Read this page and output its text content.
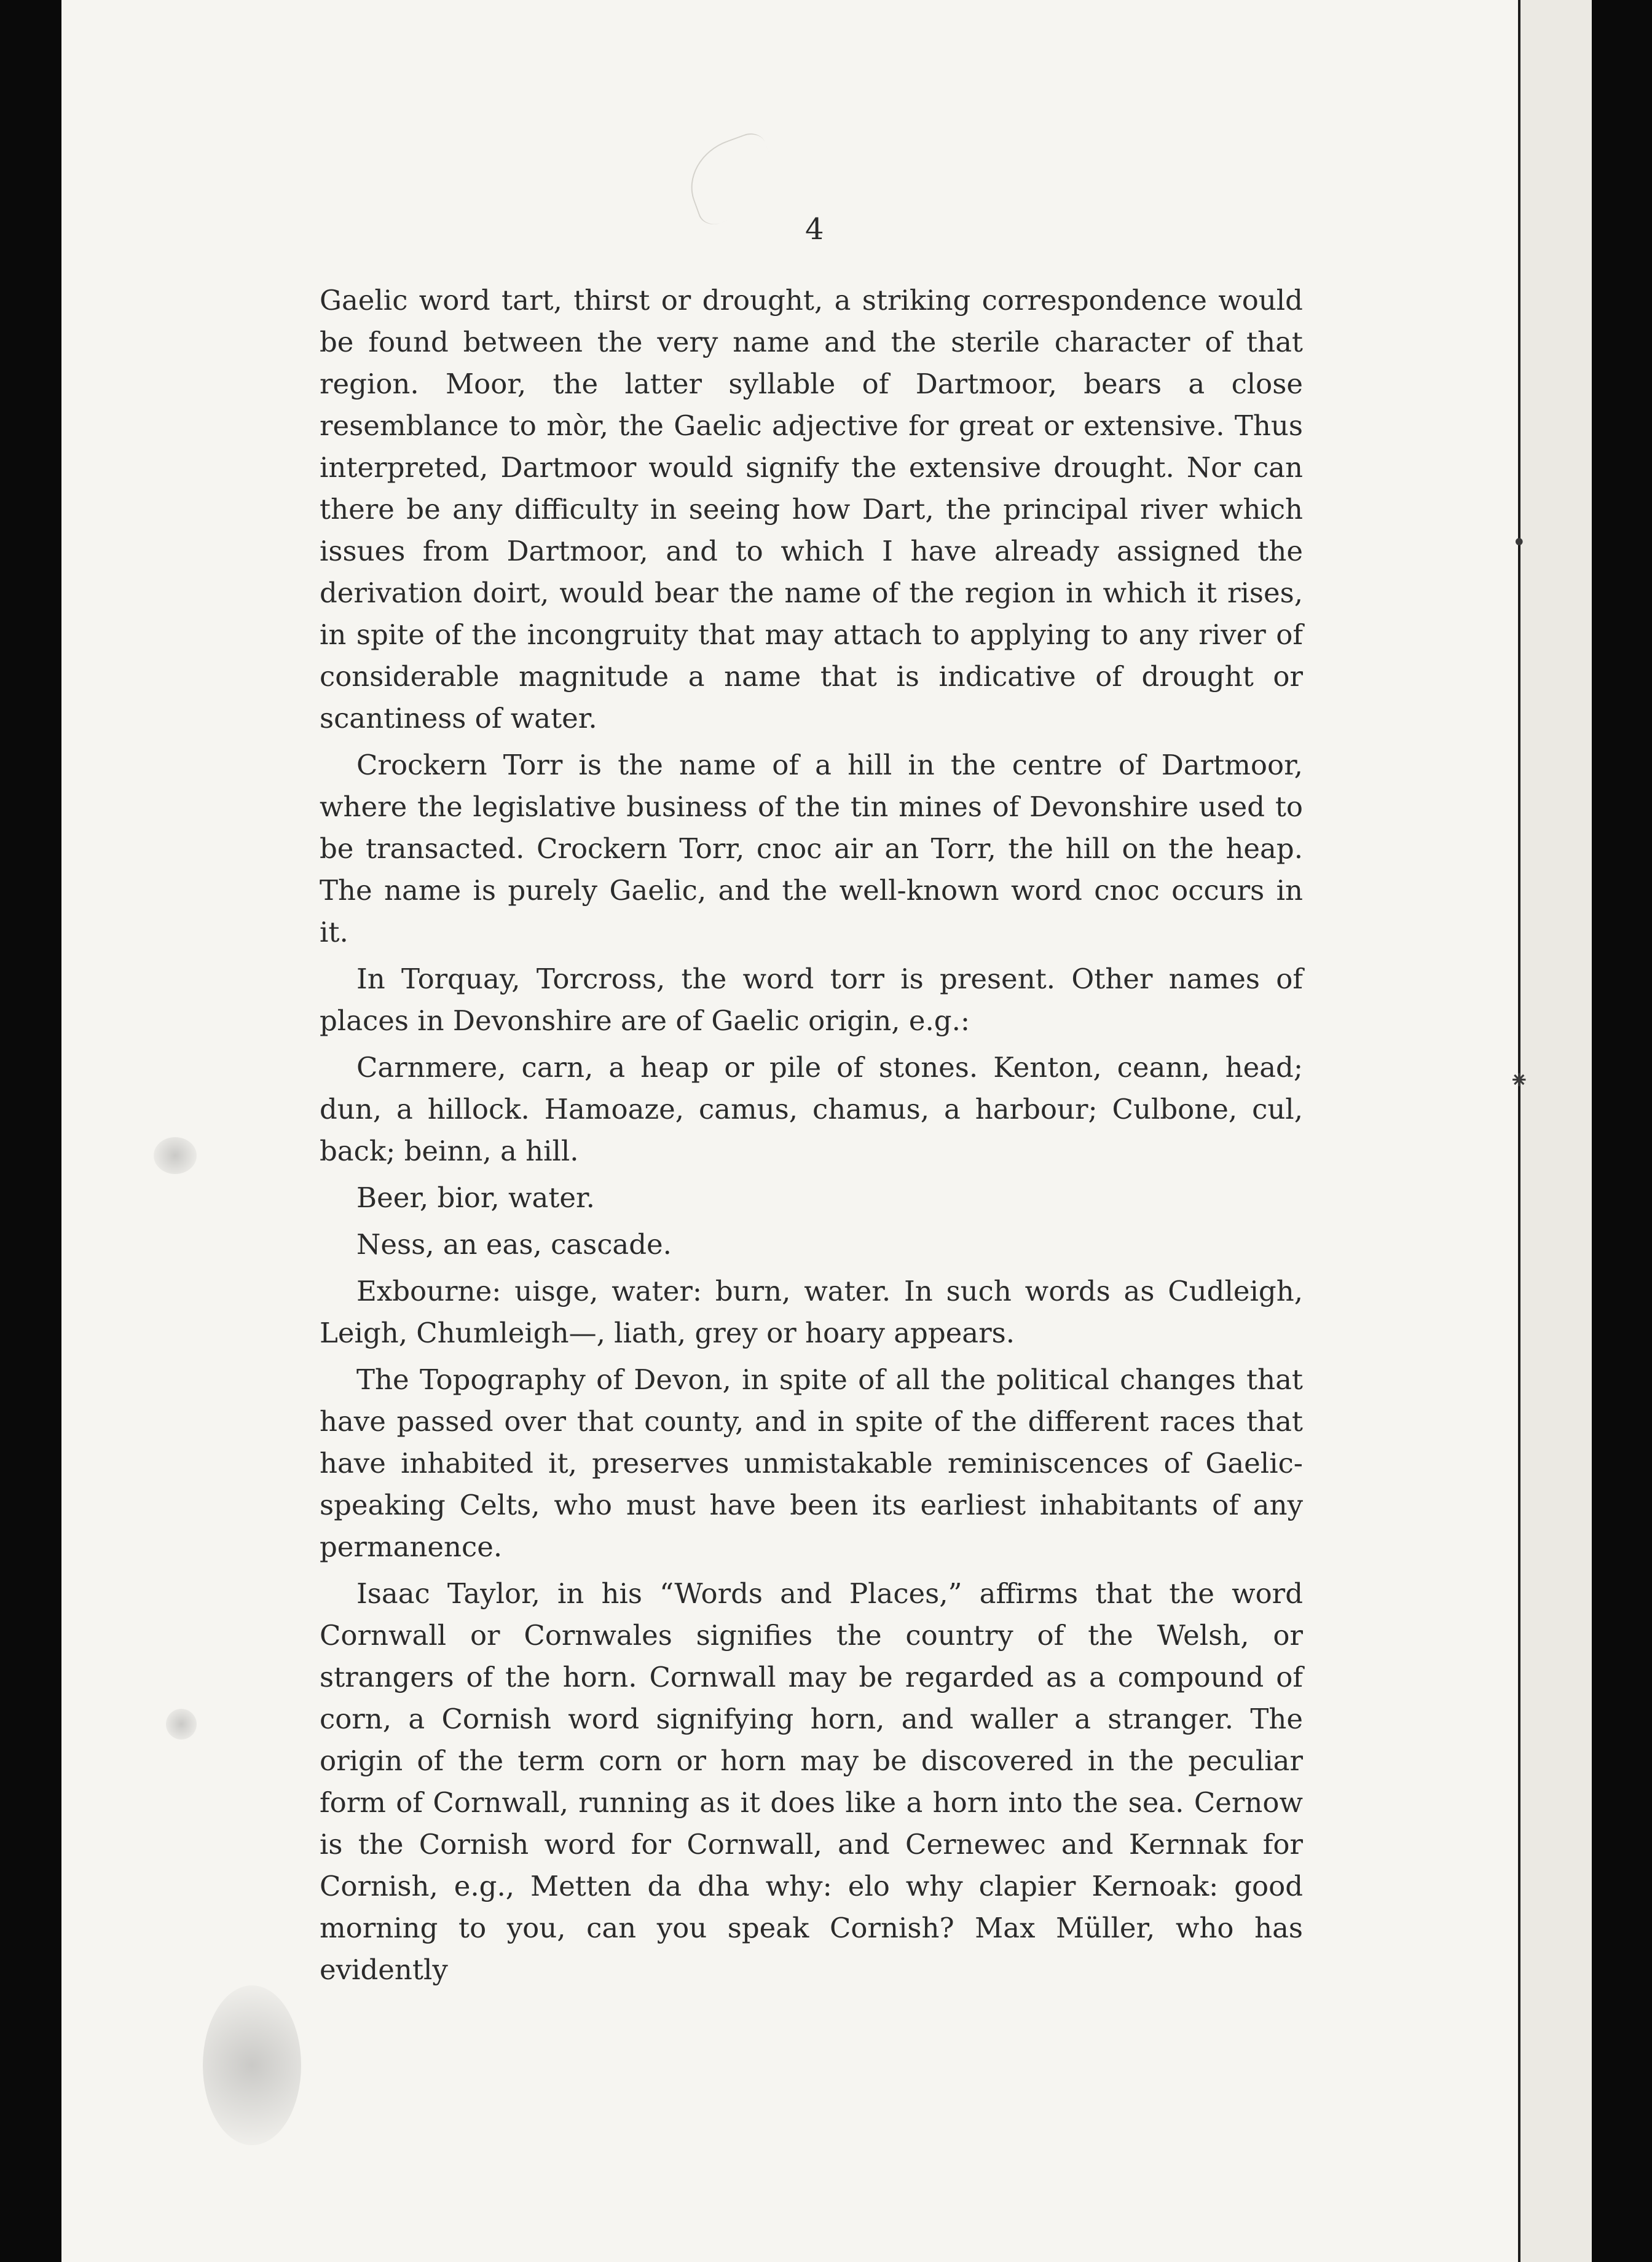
•
⁕
4

Gaelic word tart, thirst or drought, a striking correspondence would be found between the very name and the sterile character of that region. Moor, the latter syllable of Dartmoor, bears a close resemblance to mòr, the Gaelic adjective for great or extensive. Thus interpreted, Dartmoor would signify the extensive drought. Nor can there be any difficulty in seeing how Dart, the principal river which issues from Dartmoor, and to which I have already assigned the derivation doirt, would bear the name of the region in which it rises, in spite of the incongruity that may attach to applying to any river of considerable magnitude a name that is indicative of drought or scantiness of water.

Crockern Torr is the name of a hill in the centre of Dartmoor, where the legislative business of the tin mines of Devonshire used to be transacted. Crockern Torr, cnoc air an Torr, the hill on the heap. The name is purely Gaelic, and the well-known word cnoc occurs in it.

In Torquay, Torcross, the word torr is present. Other names of places in Devonshire are of Gaelic origin, e.g.:

Carnmere, carn, a heap or pile of stones. Kenton, ceann, head; dun, a hillock. Hamoaze, camus, chamus, a harbour; Culbone, cul, back; beinn, a hill.

Beer, bior, water.

Ness, an eas, cascade.

Exbourne: uisge, water: burn, water. In such words as Cudleigh, Leigh, Chumleigh—, liath, grey or hoary appears.

The Topography of Devon, in spite of all the political changes that have passed over that county, and in spite of the different races that have inhabited it, preserves unmistakable reminiscences of Gaelic-speaking Celts, who must have been its earliest inhabitants of any permanence.

Isaac Taylor, in his “Words and Places,” affirms that the word Cornwall or Cornwales signifies the country of the Welsh, or strangers of the horn. Cornwall may be regarded as a compound of corn, a Cornish word signifying horn, and waller a stranger. The origin of the term corn or horn may be discovered in the peculiar form of Cornwall, running as it does like a horn into the sea. Cernow is the Cornish word for Cornwall, and Cernewec and Kernnak for Cornish, e.g., Metten da dha why: elo why clapier Kernoak: good morning to you, can you speak Cornish? Max Müller, who has evidently
